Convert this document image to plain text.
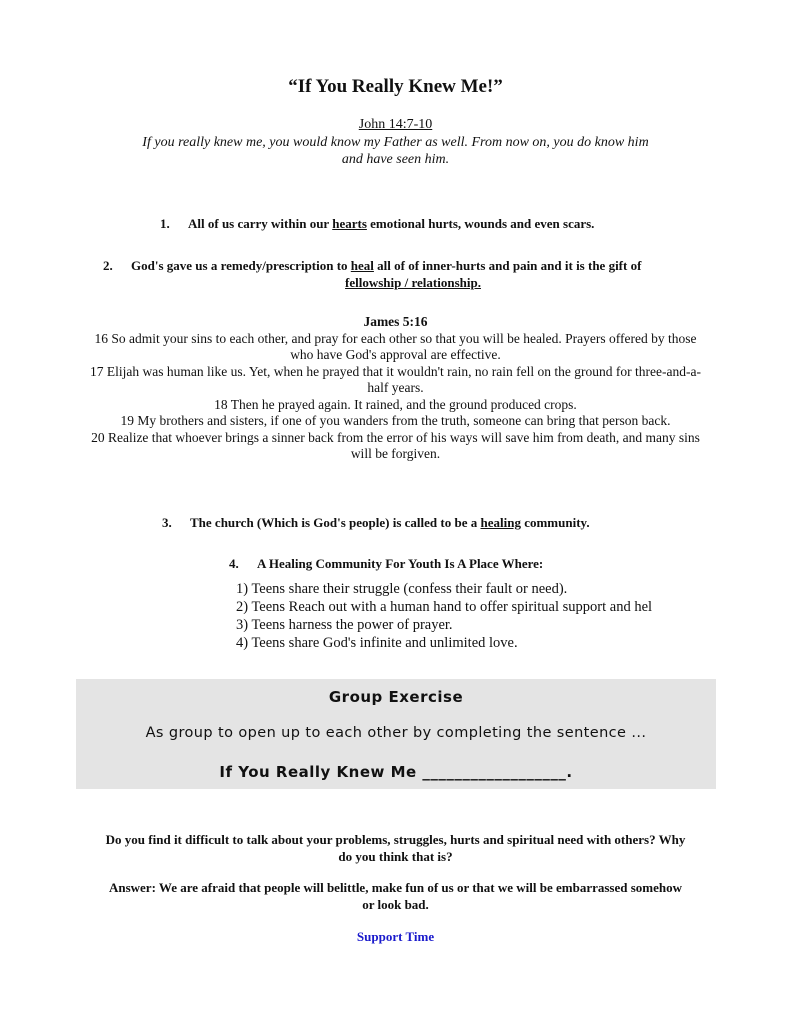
“If You Really Knew Me!”
John 14:7-10
If you really knew me, you would know my Father as well. From now on, you do know him
and have seen him.
1. All of us carry within our hearts emotional hurts, wounds and even scars.
2. God's gave us a remedy/prescription to heal all of of inner-hurts and pain and it is the gift of
fellowship / relationship.
James 5:16
16 So admit your sins to each other, and pray for each other so that you will be healed. Prayers offered by those
who have God's approval are effective.
17 Elijah was human like us. Yet, when he prayed that it wouldn't rain, no rain fell on the ground for three-and-a-
half years.
18 Then he prayed again. It rained, and the ground produced crops.
19 My brothers and sisters, if one of you wanders from the truth, someone can bring that person back.
20 Realize that whoever brings a sinner back from the error of his ways will save him from death, and many sins
will be forgiven.
3. The church (Which is God's people) is called to be a healing community.
4. A Healing Community For Youth Is A Place Where:
1) Teens share their struggle (confess their fault or need).
2) Teens Reach out with a human hand to offer spiritual support and hel
3) Teens harness the power of prayer.
4) Teens share God's infinite and unlimited love.
Group Exercise
As group to open up to each other by completing the sentence ...
If You Really Knew Me __________________.
Do you find it difficult to talk about your problems, struggles, hurts and spiritual need with others? Why
do you think that is?
Answer: We are afraid that people will belittle, make fun of us or that we will be embarrassed somehow
or look bad.
Support Time
